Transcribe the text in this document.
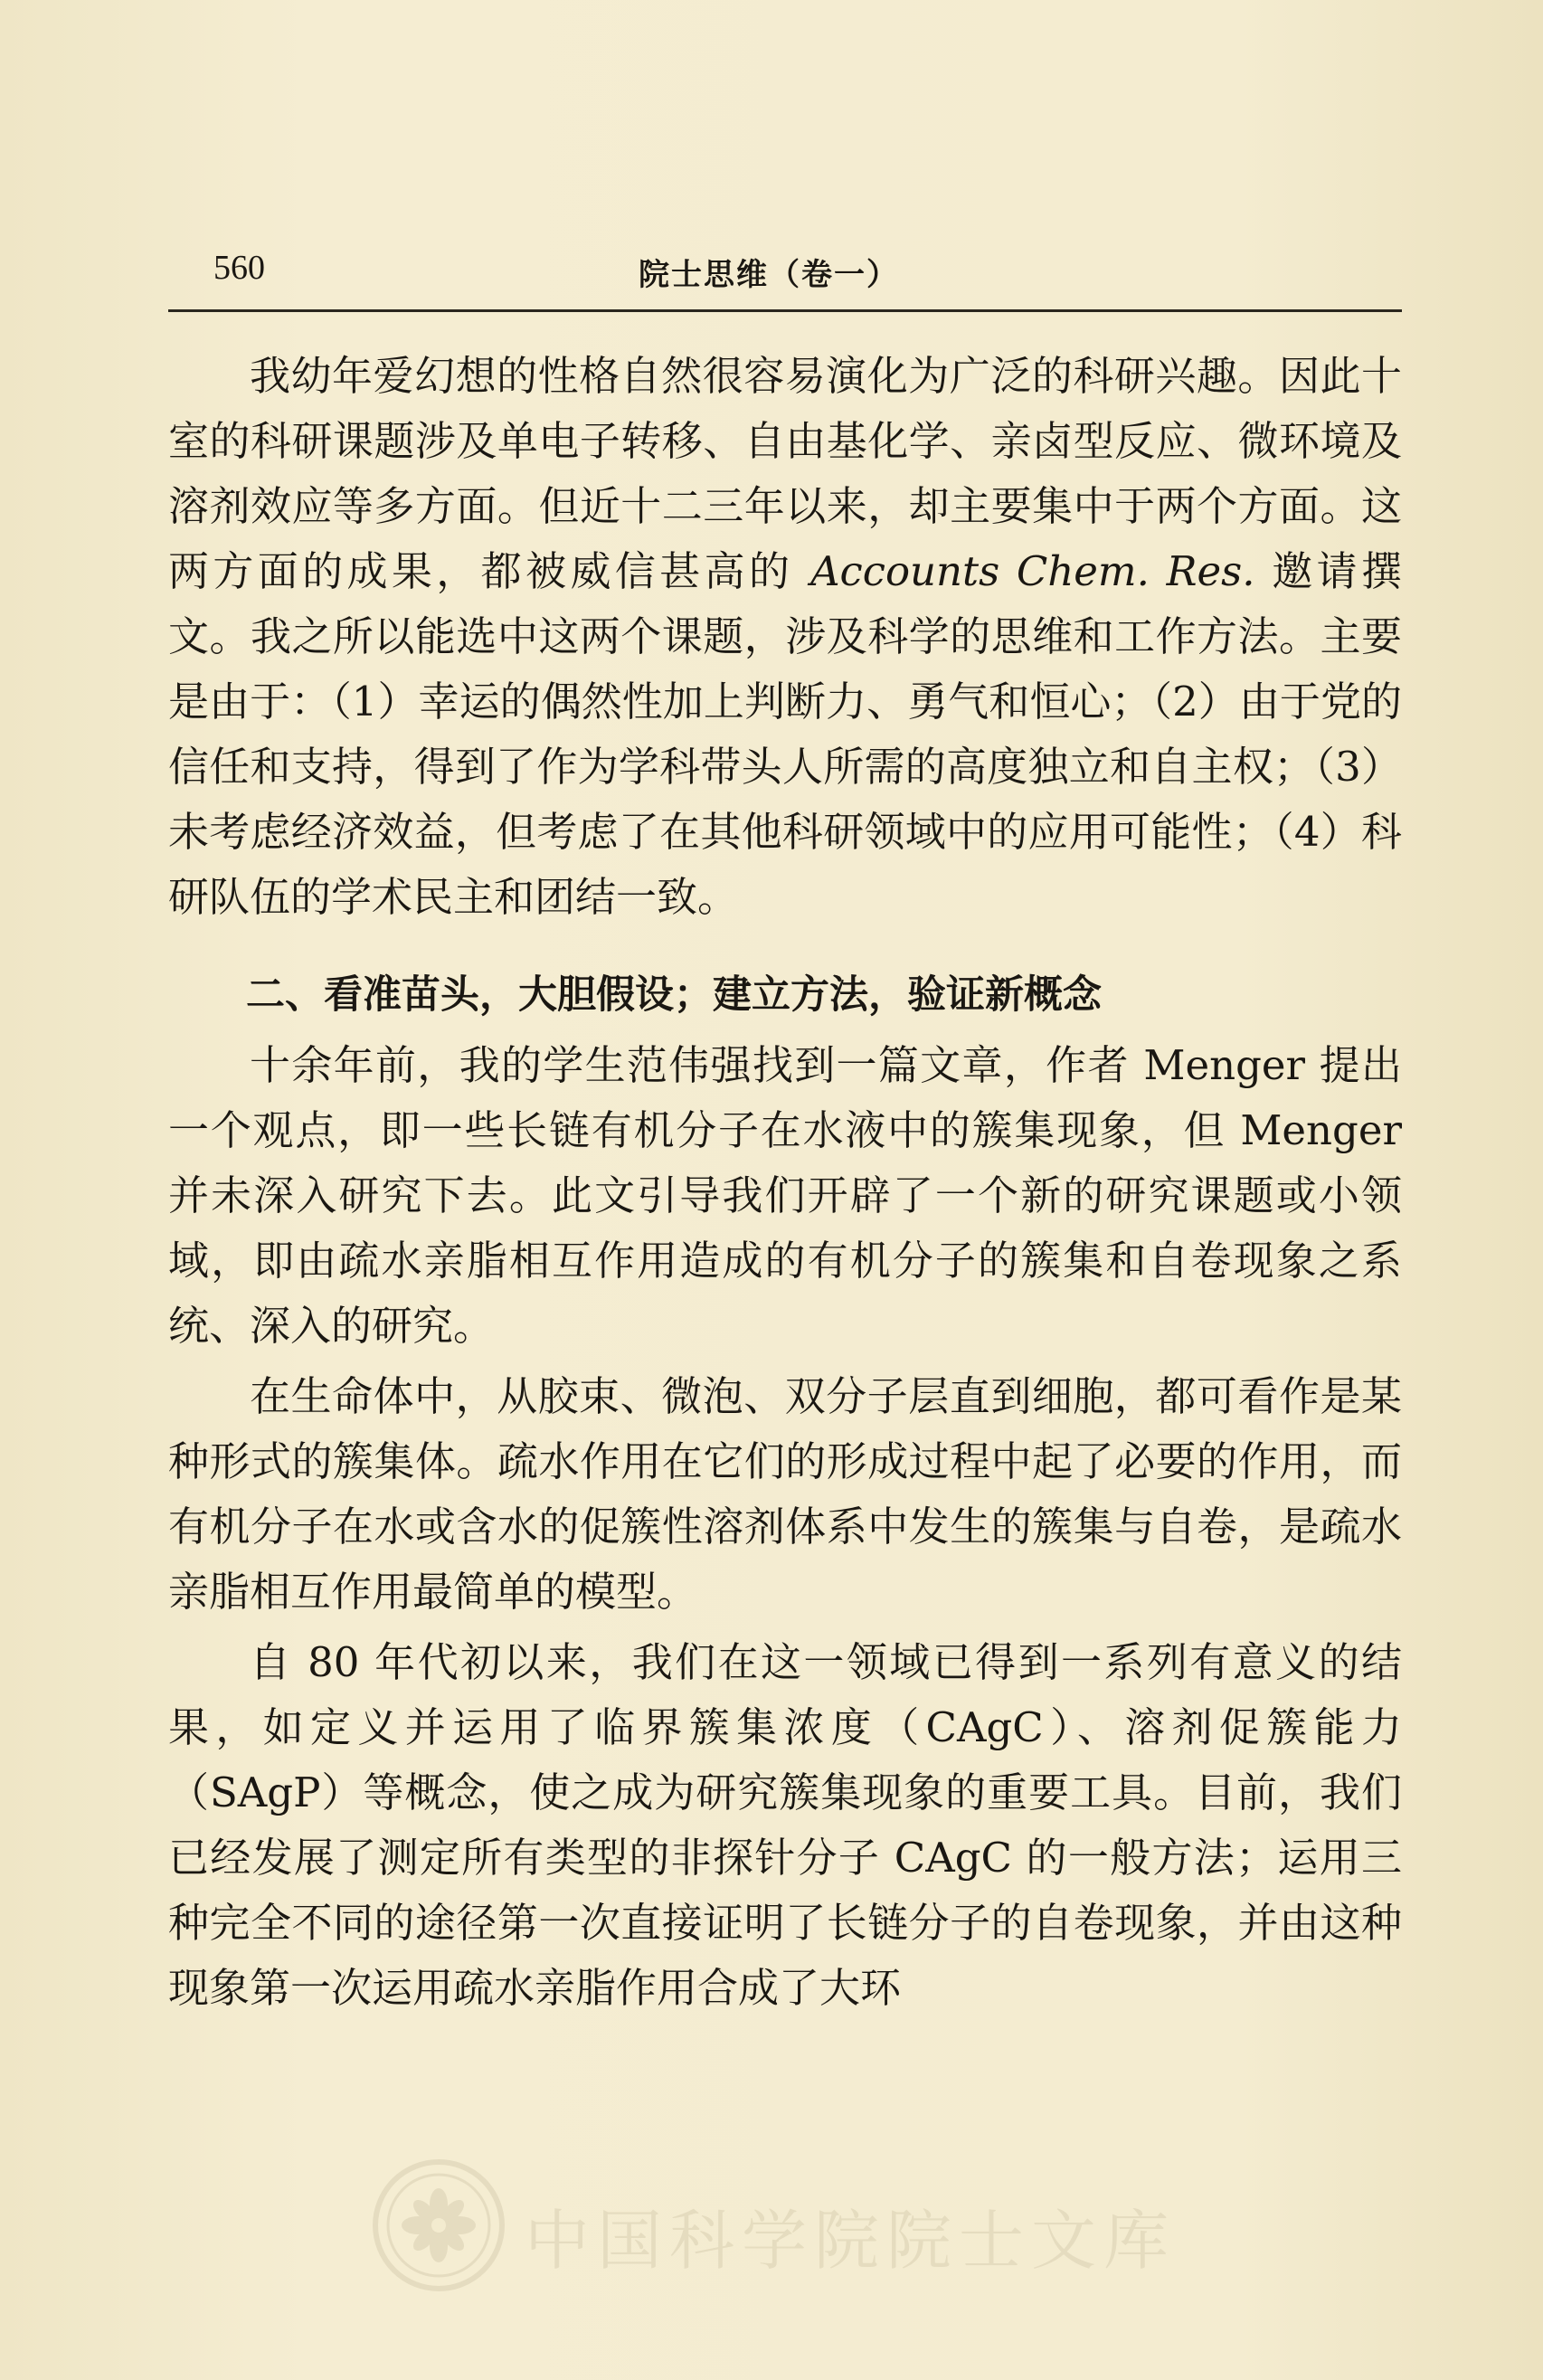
560	院士思维（卷一）

我幼年爱幻想的性格自然很容易演化为广泛的科研兴趣。因此十室的科研课题涉及单电子转移、自由基化学、亲卤型反应、微环境及溶剂效应等多方面。但近十二三年以来，却主要集中于两个方面。这两方面的成果，都被威信甚高的 Accounts Chem. Res. 邀请撰文。我之所以能选中这两个课题，涉及科学的思维和工作方法。主要是由于：（1）幸运的偶然性加上判断力、勇气和恒心；（2）由于党的信任和支持，得到了作为学科带头人所需的高度独立和自主权；（3）未考虑经济效益，但考虑了在其他科研领域中的应用可能性；（4）科研队伍的学术民主和团结一致。

二、看准苗头，大胆假设；建立方法，验证新概念

十余年前，我的学生范伟强找到一篇文章，作者 Menger 提出一个观点，即一些长链有机分子在水液中的簇集现象，但 Menger 并未深入研究下去。此文引导我们开辟了一个新的研究课题或小领域，即由疏水亲脂相互作用造成的有机分子的簇集和自卷现象之系统、深入的研究。

在生命体中，从胶束、微泡、双分子层直到细胞，都可看作是某种形式的簇集体。疏水作用在它们的形成过程中起了必要的作用，而有机分子在水或含水的促簇性溶剂体系中发生的簇集与自卷，是疏水亲脂相互作用最简单的模型。

自 80 年代初以来，我们在这一领域已得到一系列有意义的结果，如定义并运用了临界簇集浓度（CAgC）、溶剂促簇能力（SAgP）等概念，使之成为研究簇集现象的重要工具。目前，我们已经发展了测定所有类型的非探针分子 CAgC 的一般方法；运用三种完全不同的途径第一次直接证明了长链分子的自卷现象，并由这种现象第一次运用疏水亲脂作用合成了大环

中国科学院院士文库
